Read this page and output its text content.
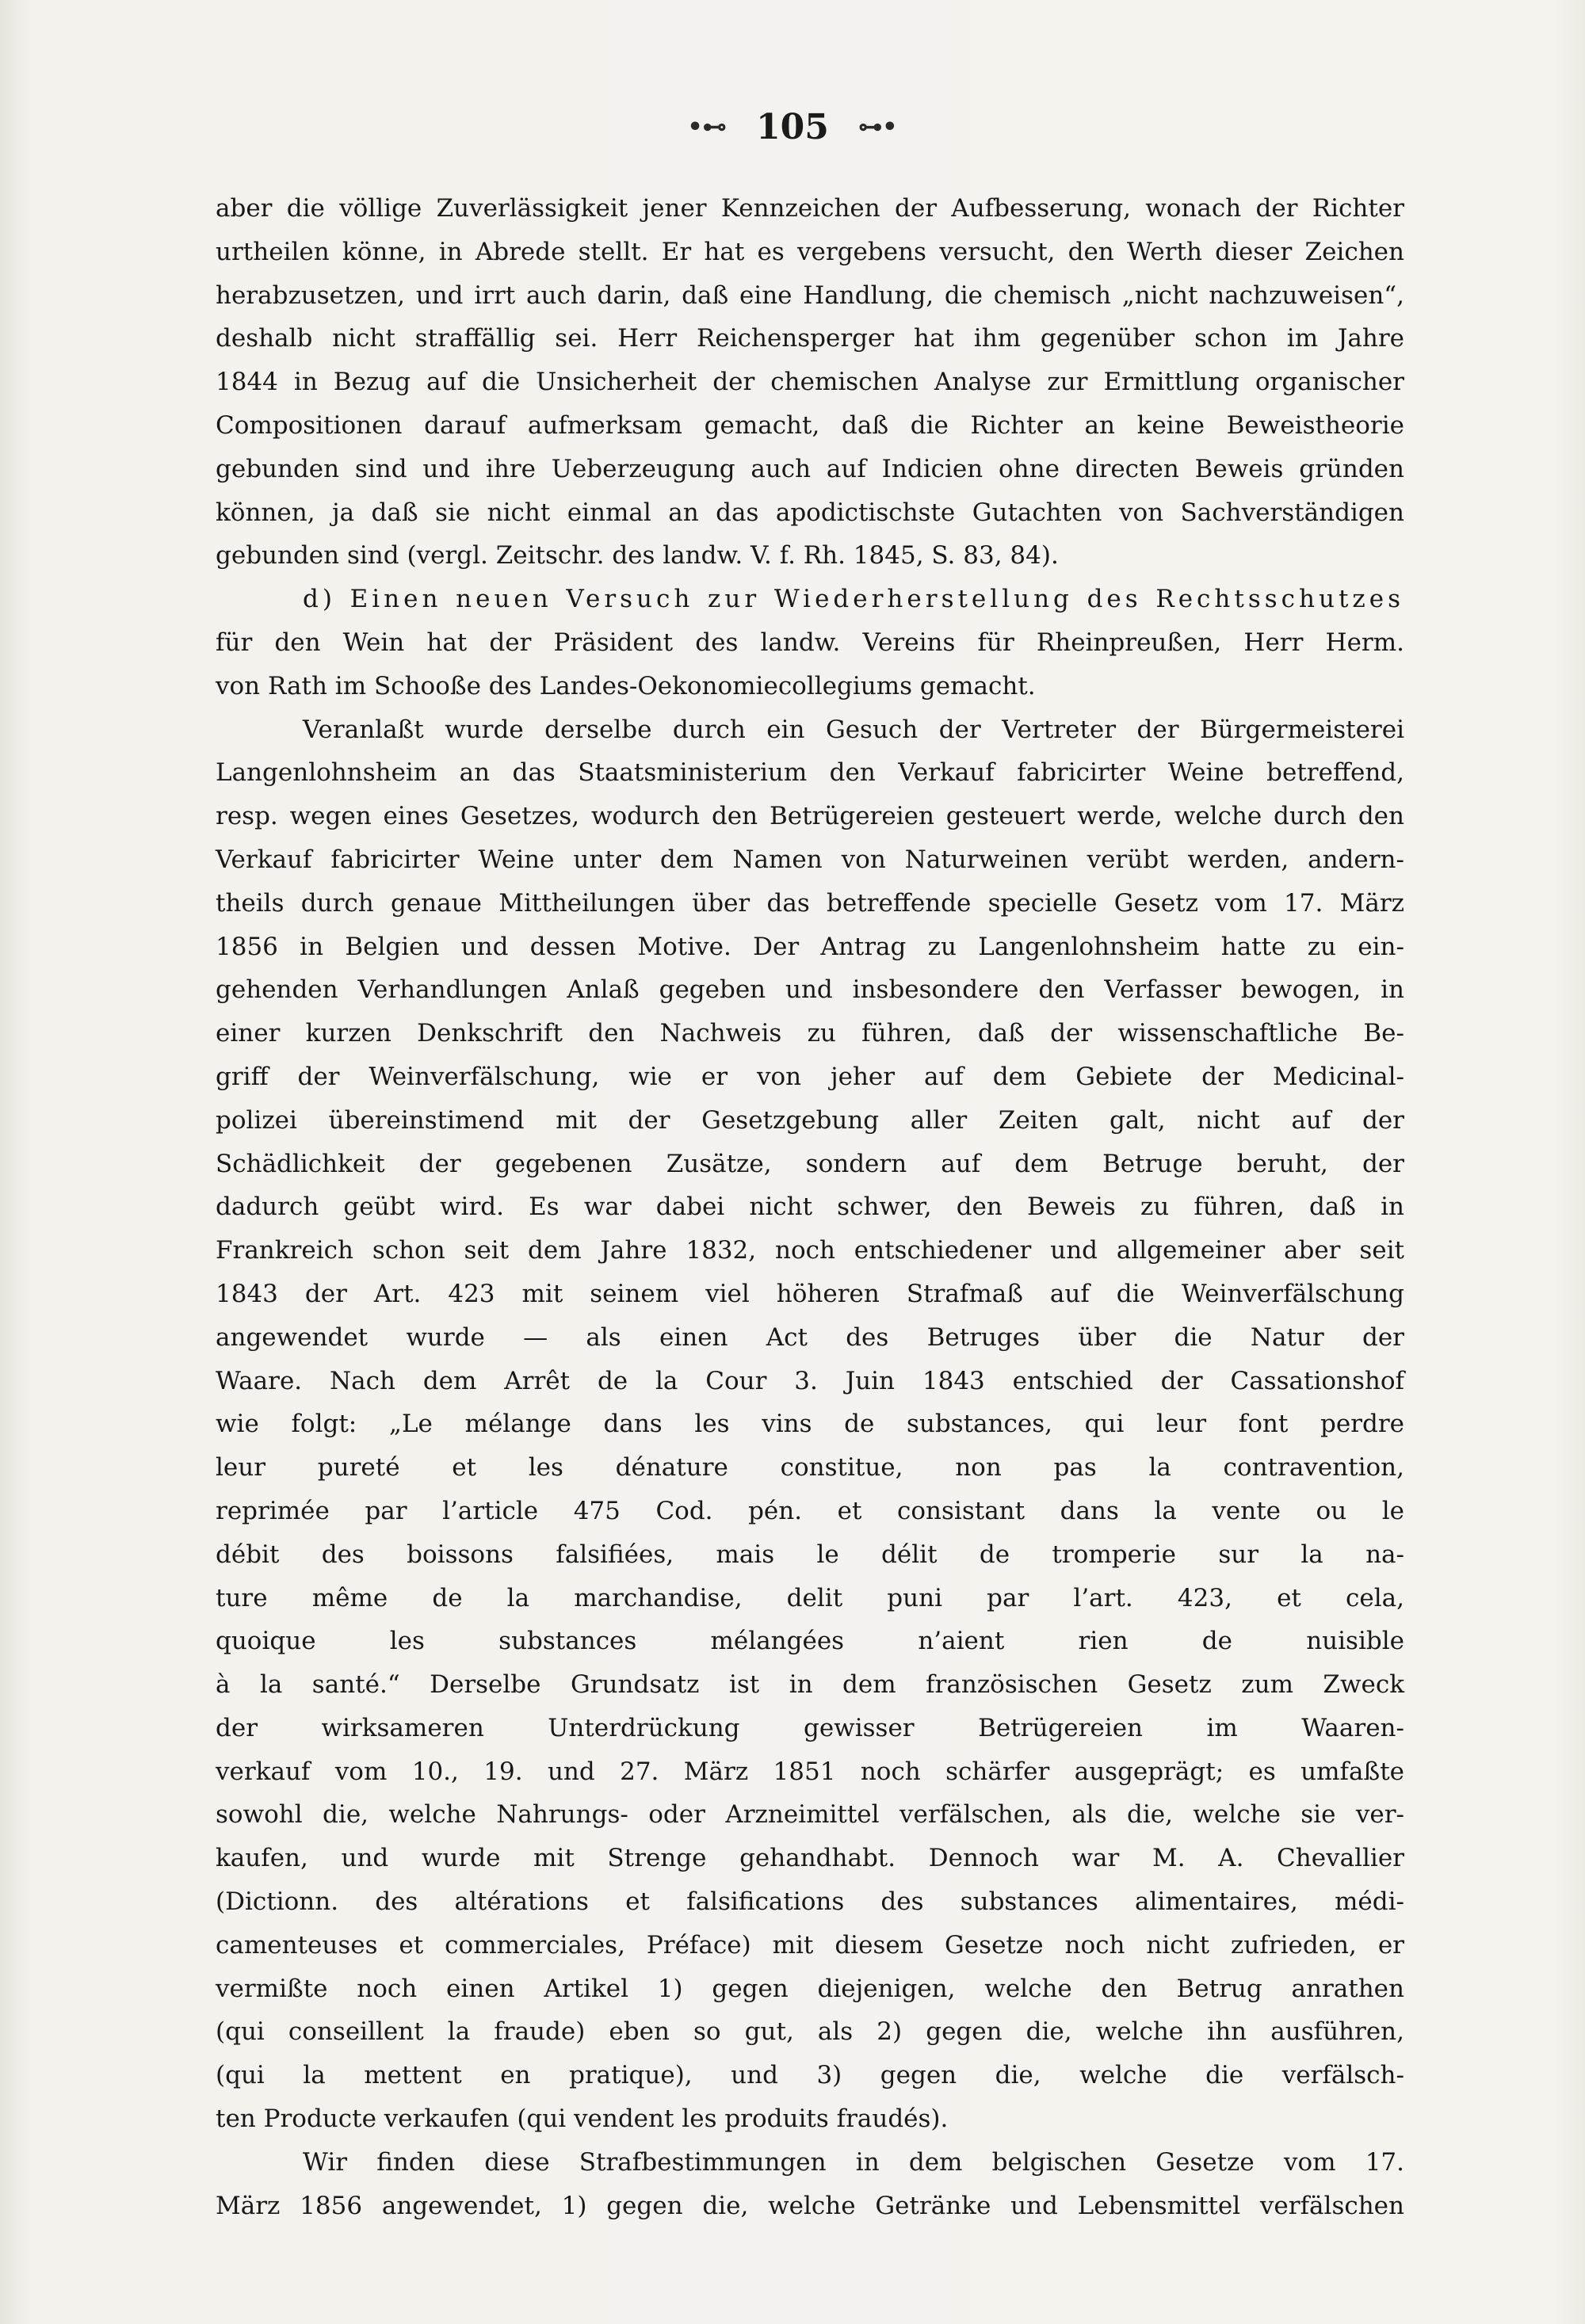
•⊷ 105 ⊶•
aber die völlige Zuverlässigkeit jener Kennzeichen der Aufbesserung, wonach der Richter
urtheilen könne, in Abrede stellt. Er hat es vergebens versucht, den Werth dieser Zeichen
herabzusetzen, und irrt auch darin, daß eine Handlung, die chemisch „nicht nachzuweisen“,
deshalb nicht straffällig sei. Herr Reichensperger hat ihm gegenüber schon im Jahre
1844 in Bezug auf die Unsicherheit der chemischen Analyse zur Ermittlung organischer
Compositionen darauf aufmerksam gemacht, daß die Richter an keine Beweistheorie
gebunden sind und ihre Ueberzeugung auch auf Indicien ohne directen Beweis gründen
können, ja daß sie nicht einmal an das apodictischste Gutachten von Sachverständigen
gebunden sind (vergl. Zeitschr. des landw. V. f. Rh. 1845, S. 83, 84).
d) Einen neuen Versuch zur Wiederherstellung des Rechtsschutzes
für den Wein hat der Präsident des landw. Vereins für Rheinpreußen, Herr Herm.
von Rath im Schooße des Landes-Oekonomiecollegiums gemacht.
Veranlaßt wurde derselbe durch ein Gesuch der Vertreter der Bürgermeisterei
Langenlohnsheim an das Staatsministerium den Verkauf fabricirter Weine betreffend,
resp. wegen eines Gesetzes, wodurch den Betrügereien gesteuert werde, welche durch den
Verkauf fabricirter Weine unter dem Namen von Naturweinen verübt werden, andern-
theils durch genaue Mittheilungen über das betreffende specielle Gesetz vom 17. März
1856 in Belgien und dessen Motive. Der Antrag zu Langenlohnsheim hatte zu ein-
gehenden Verhandlungen Anlaß gegeben und insbesondere den Verfasser bewogen, in
einer kurzen Denkschrift den Nachweis zu führen, daß der wissenschaftliche Be-
griff der Weinverfälschung, wie er von jeher auf dem Gebiete der Medicinal-
polizei übereinstimend mit der Gesetzgebung aller Zeiten galt, nicht auf der
Schädlichkeit der gegebenen Zusätze, sondern auf dem Betruge beruht, der
dadurch geübt wird. Es war dabei nicht schwer, den Beweis zu führen, daß in
Frankreich schon seit dem Jahre 1832, noch entschiedener und allgemeiner aber seit
1843 der Art. 423 mit seinem viel höheren Strafmaß auf die Weinverfälschung
angewendet wurde — als einen Act des Betruges über die Natur der
Waare. Nach dem Arrêt de la Cour 3. Juin 1843 entschied der Cassationshof
wie folgt: „Le mélange dans les vins de substances, qui leur font perdre
leur pureté et les dénature constitue, non pas la contravention,
reprimée par l’article 475 Cod. pén. et consistant dans la vente ou le
débit des boissons falsifiées, mais le délit de tromperie sur la na-
ture même de la marchandise, delit puni par l’art. 423, et cela,
quoique les substances mélangées n’aient rien de nuisible
à la santé.“ Derselbe Grundsatz ist in dem französischen Gesetz zum Zweck
der wirksameren Unterdrückung gewisser Betrügereien im Waaren-
verkauf vom 10., 19. und 27. März 1851 noch schärfer ausgeprägt; es umfaßte
sowohl die, welche Nahrungs- oder Arzneimittel verfälschen, als die, welche sie ver-
kaufen, und wurde mit Strenge gehandhabt. Dennoch war M. A. Chevallier
(Dictionn. des altérations et falsifications des substances alimentaires, médi-
camenteuses et commerciales, Préface) mit diesem Gesetze noch nicht zufrieden, er
vermißte noch einen Artikel 1) gegen diejenigen, welche den Betrug anrathen
(qui conseillent la fraude) eben so gut, als 2) gegen die, welche ihn ausführen,
(qui la mettent en pratique), und 3) gegen die, welche die verfälsch-
ten Producte verkaufen (qui vendent les produits fraudés).
Wir finden diese Strafbestimmungen in dem belgischen Gesetze vom 17.
März 1856 angewendet, 1) gegen die, welche Getränke und Lebensmittel verfälschen
